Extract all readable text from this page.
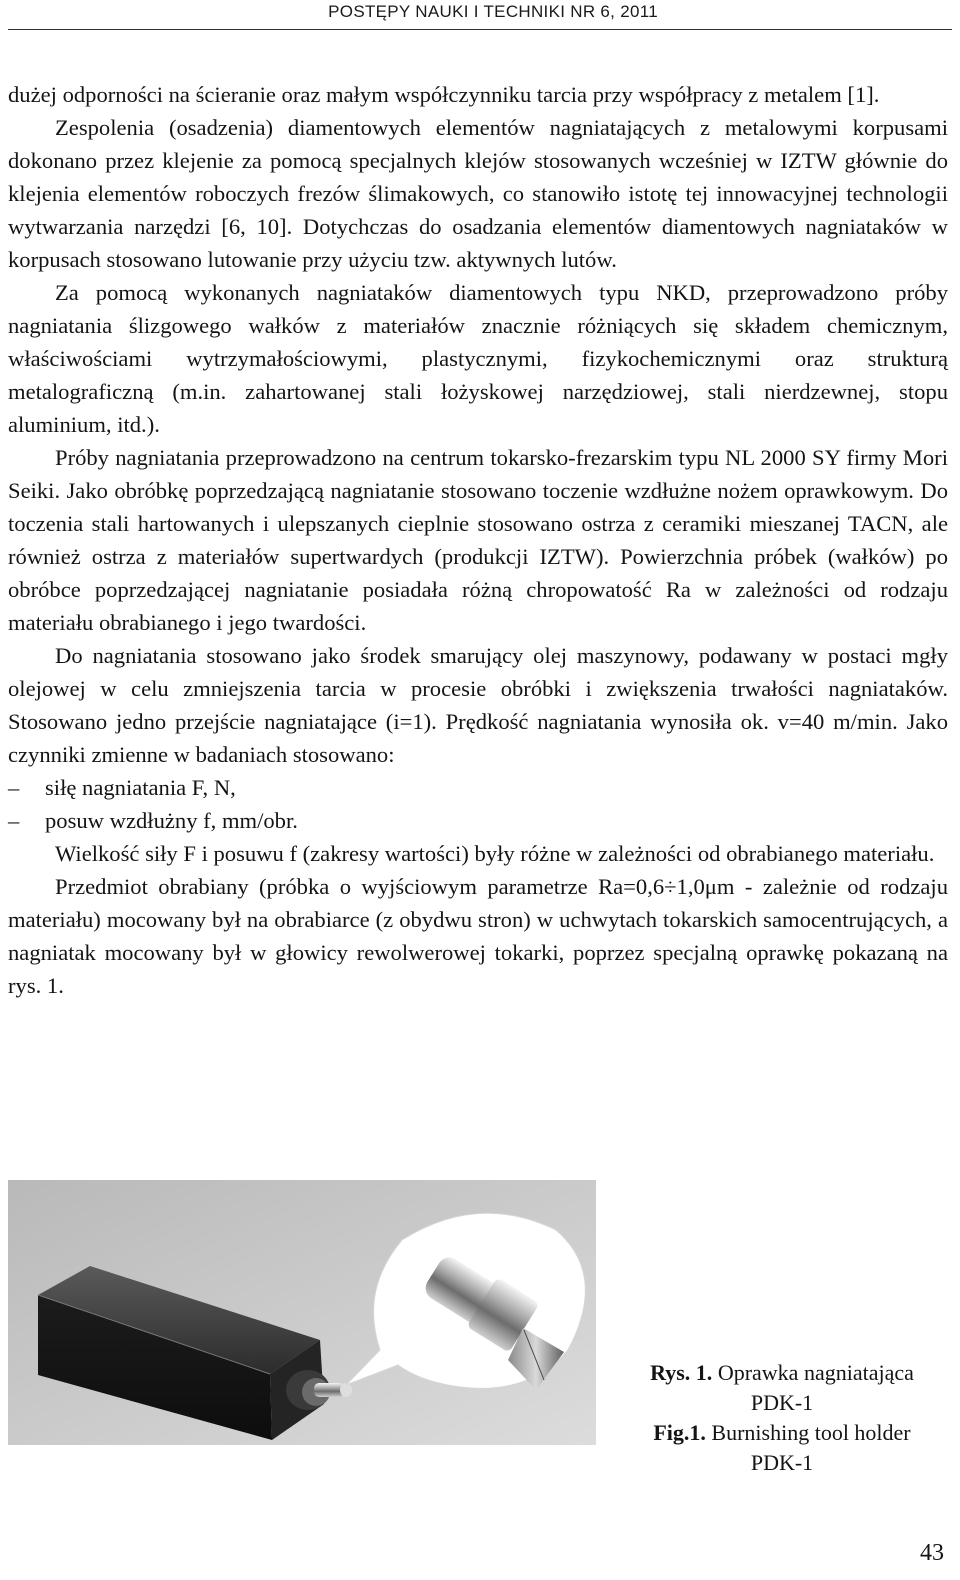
POSTĘPY NAUKI I TECHNIKI NR 6, 2011

dużej odporności na ścieranie oraz małym współczynniku tarcia przy współpracy z metalem [1].

Zespolenia (osadzenia) diamentowych elementów nagniatających z metalowymi korpusami dokonano przez klejenie za pomocą specjalnych klejów stosowanych wcześniej w IZTW głównie do klejenia elementów roboczych frezów ślimakowych, co stanowiło istotę tej innowacyjnej technologii wytwarzania narzędzi [6, 10]. Dotychczas do osadzania elementów diamentowych nagniataków w korpusach stosowano lutowanie przy użyciu tzw. aktywnych lutów.

Za pomocą wykonanych nagniataków diamentowych typu NKD, przeprowadzono próby nagniatania ślizgowego wałków z materiałów znacznie różniących się składem chemicznym, właściwościami wytrzymałościowymi, plastycznymi, fizykochemicznymi oraz strukturą metalograficzną (m.in. zahartowanej stali łożyskowej narzędziowej, stali nierdzewnej, stopu aluminium, itd.).

Próby nagniatania przeprowadzono na centrum tokarsko-frezarskim typu NL 2000 SY firmy Mori Seiki. Jako obróbkę poprzedzającą nagniatanie stosowano toczenie wzdłużne nożem oprawkowym. Do toczenia stali hartowanych i ulepszanych cieplnie stosowano ostrza z ceramiki mieszanej TACN, ale również ostrza z materiałów supertwardych (produkcji IZTW). Powierzchnia próbek (wałków) po obróbce poprzedzającej nagniatanie posiadała różną chropowatość Ra w zależności od rodzaju materiału obrabianego i jego twardości.

Do nagniatania stosowano jako środek smarujący olej maszynowy, podawany w postaci mgły olejowej w celu zmniejszenia tarcia w procesie obróbki i zwiększenia trwałości nagniataków. Stosowano jedno przejście nagniatające (i=1). Prędkość nagniatania wynosiła ok. v=40 m/min. Jako czynniki zmienne w badaniach stosowano:

– siłę nagniatania F, N,
– posuw wzdłużny f, mm/obr.

Wielkość siły F i posuwu f (zakresy wartości) były różne w zależności od obrabianego materiału.

Przedmiot obrabiany (próbka o wyjściowym parametrze Ra=0,6÷1,0μm - zależnie od rodzaju materiału) mocowany był na obrabiarce (z obydwu stron) w uchwytach tokarskich samocentrujących, a nagniatak mocowany był w głowicy rewolwerowej tokarki, poprzez specjalną oprawkę pokazaną na rys. 1.

Rys. 1. Oprawka nagniatająca
PDK-1
Fig.1. Burnishing tool holder
PDK-1
43
